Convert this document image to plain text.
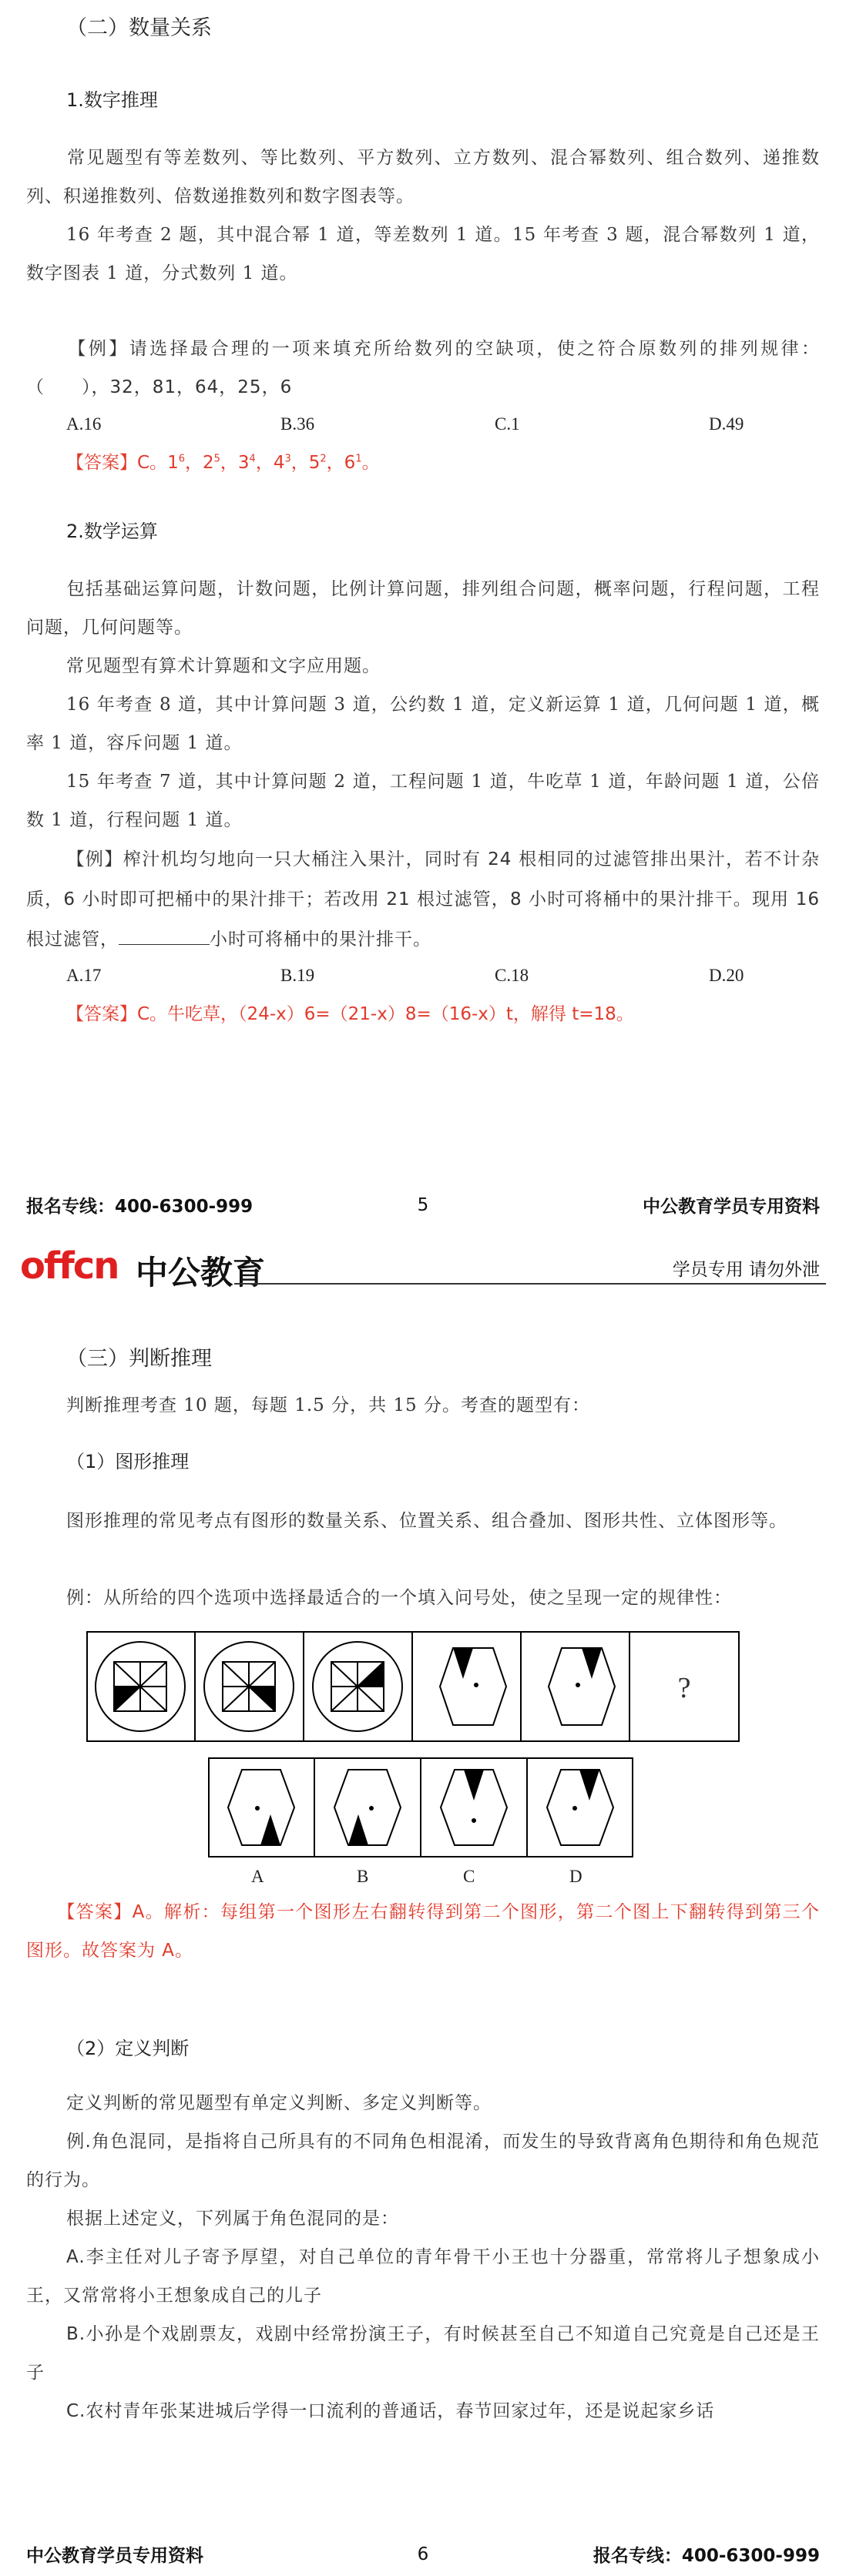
（二）数量关系
1.数字推理
常见题型有等差数列、等比数列、平方数列、立方数列、混合幂数列、组合数列、递推数列、积递推数列、倍数递推数列和数字图表等。
16 年考查 2 题，其中混合幂 1 道，等差数列 1 道。15 年考查 3 题，混合幂数列 1 道，数字图表 1 道，分式数列 1 道。
【例】请选择最合理的一项来填充所给数列的空缺项，使之符合原数列的排列规律：（　　），32，81，64，25，6
A.16	B.36	C.1	D.49
【答案】C。$1^6$，$2^5$，$3^4$，$4^3$，$5^2$，$6^1$。
2.数学运算
包括基础运算问题，计数问题，比例计算问题，排列组合问题，概率问题，行程问题，工程问题，几何问题等。
常见题型有算术计算题和文字应用题。
16 年考查 8 道，其中计算问题 3 道，公约数 1 道，定义新运算 1 道，几何问题 1 道，概率 1 道，容斥问题 1 道。
15 年考查 7 道，其中计算问题 2 道，工程问题 1 道，牛吃草 1 道，年龄问题 1 道，公倍数 1 道，行程问题 1 道。
【例】榨汁机均匀地向一只大桶注入果汁，同时有 24 根相同的过滤管排出果汁，若不计杂质，6 小时即可把桶中的果汁排干；若改用 21 根过滤管，8 小时可将桶中的果汁排干。现用 16 根过滤管，	小时可将桶中的果汁排干。
A.17	B.19	C.18	D.20
【答案】C。牛吃草，（24-x）6=（21-x）8=（16-x）t，解得 t=18。
报名专线：400-6300-999	5	中公教育学员专用资料
offcn 中公教育	学员专用 请勿外泄
（三）判断推理
判断推理考查 10 题，每题 1.5 分，共 15 分。考查的题型有：
（1）图形推理
图形推理的常见考点有图形的数量关系、位置关系、组合叠加、图形共性、立体图形等。
例：从所给的四个选项中选择最适合的一个填入问号处，使之呈现一定的规律性：
?
A	B	C	D
【答案】A。解析：每组第一个图形左右翻转得到第二个图形，第二个图上下翻转得到第三个图形。故答案为 A。
（2）定义判断
定义判断的常见题型有单定义判断、多定义判断等。
例.角色混同，是指将自己所具有的不同角色相混淆，而发生的导致背离角色期待和角色规范的行为。
根据上述定义，下列属于角色混同的是：
A.李主任对儿子寄予厚望，对自己单位的青年骨干小王也十分器重，常常将儿子想象成小王，又常常将小王想象成自己的儿子
B.小孙是个戏剧票友，戏剧中经常扮演王子，有时候甚至自己不知道自己究竟是自己还是王子
C.农村青年张某进城后学得一口流利的普通话，春节回家过年，还是说起家乡话
中公教育学员专用资料	6	报名专线：400-6300-999
